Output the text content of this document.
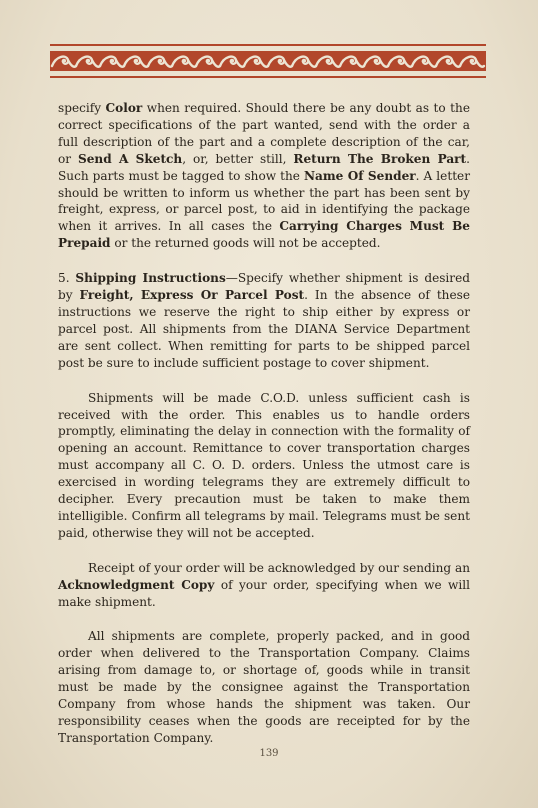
specify Color when required. Should there be any doubt as to the correct specifications of the part wanted, send with the order a full description of the part and a complete description of the car, or Send A Sketch, or, better still, Return The Broken Part. Such parts must be tagged to show the Name Of Sender. A letter should be written to inform us whether the part has been sent by freight, express, or parcel post, to aid in identifying the package when it arrives. In all cases the Carrying Charges Must Be Prepaid or the returned goods will not be accepted.

5. Shipping Instructions—Specify whether shipment is desired by Freight, Express Or Parcel Post. In the absence of these instructions we reserve the right to ship either by express or parcel post. All shipments from the DIANA Service Department are sent collect. When remitting for parts to be shipped parcel post be sure to include sufficient postage to cover shipment.

Shipments will be made C.O.D. unless sufficient cash is received with the order. This enables us to handle orders promptly, eliminating the delay in connection with the formality of opening an account. Remittance to cover transportation charges must accompany all C. O. D. orders. Unless the utmost care is exercised in wording telegrams they are extremely difficult to decipher. Every precaution must be taken to make them intelligible. Confirm all telegrams by mail. Telegrams must be sent paid, otherwise they will not be accepted.

Receipt of your order will be acknowledged by our sending an Acknowledgment Copy of your order, specifying when we will make shipment.

All shipments are complete, properly packed, and in good order when delivered to the Transportation Company. Claims arising from damage to, or shortage of, goods while in transit must be made by the consignee against the Transportation Company from whose hands the shipment was taken. Our responsibility ceases when the goods are receipted for by the Transportation Company.

139
